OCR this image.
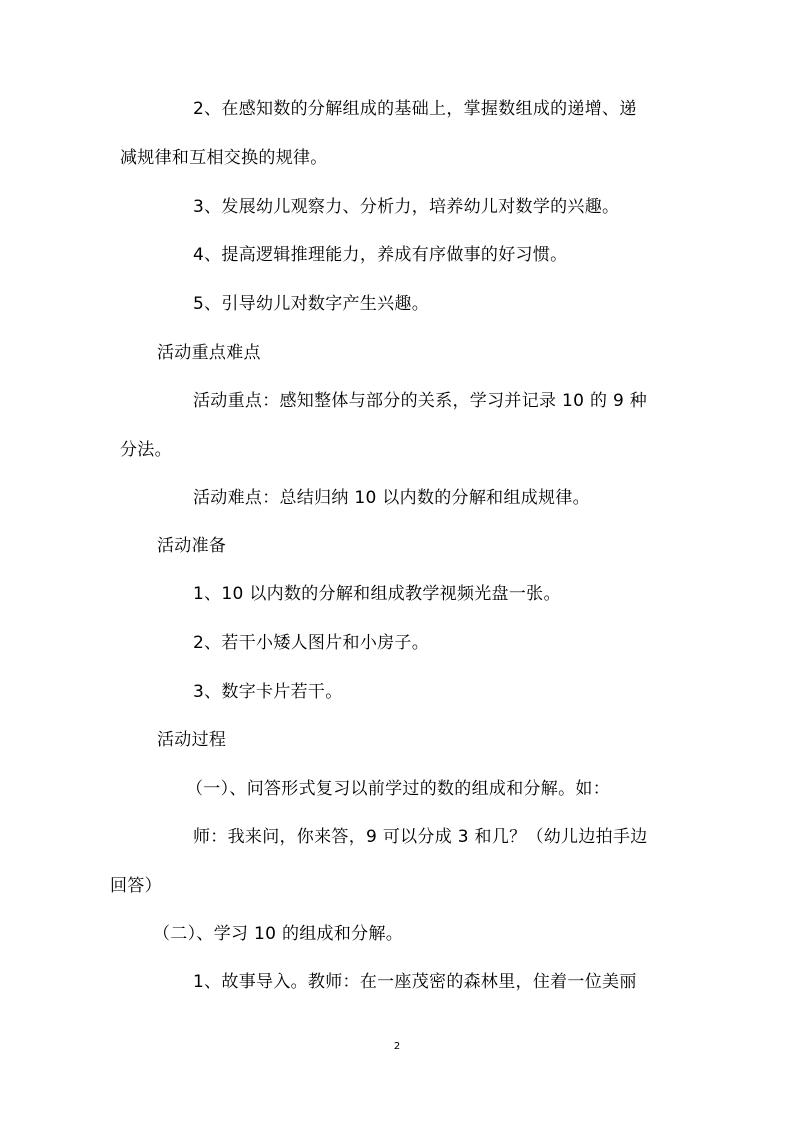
2、在感知数的分解组成的基础上，掌握数组成的递增、递
减规律和互相交换的规律。
3、发展幼儿观察力、分析力，培养幼儿对数学的兴趣。
4、提高逻辑推理能力，养成有序做事的好习惯。
5、引导幼儿对数字产生兴趣。
活动重点难点
活动重点：感知整体与部分的关系，学习并记录 10 的 9 种
分法。
活动难点：总结归纳 10 以内数的分解和组成规律。
活动准备
1、10 以内数的分解和组成教学视频光盘一张。
2、若干小矮人图片和小房子。
3、数字卡片若干。
活动过程
（一）、问答形式复习以前学过的数的组成和分解。如：
师：我来问，你来答，9 可以分成 3 和几？（幼儿边拍手边
回答）
（二）、学习 10 的组成和分解。
1、故事导入。教师：在一座茂密的森林里，住着一位美丽
2
